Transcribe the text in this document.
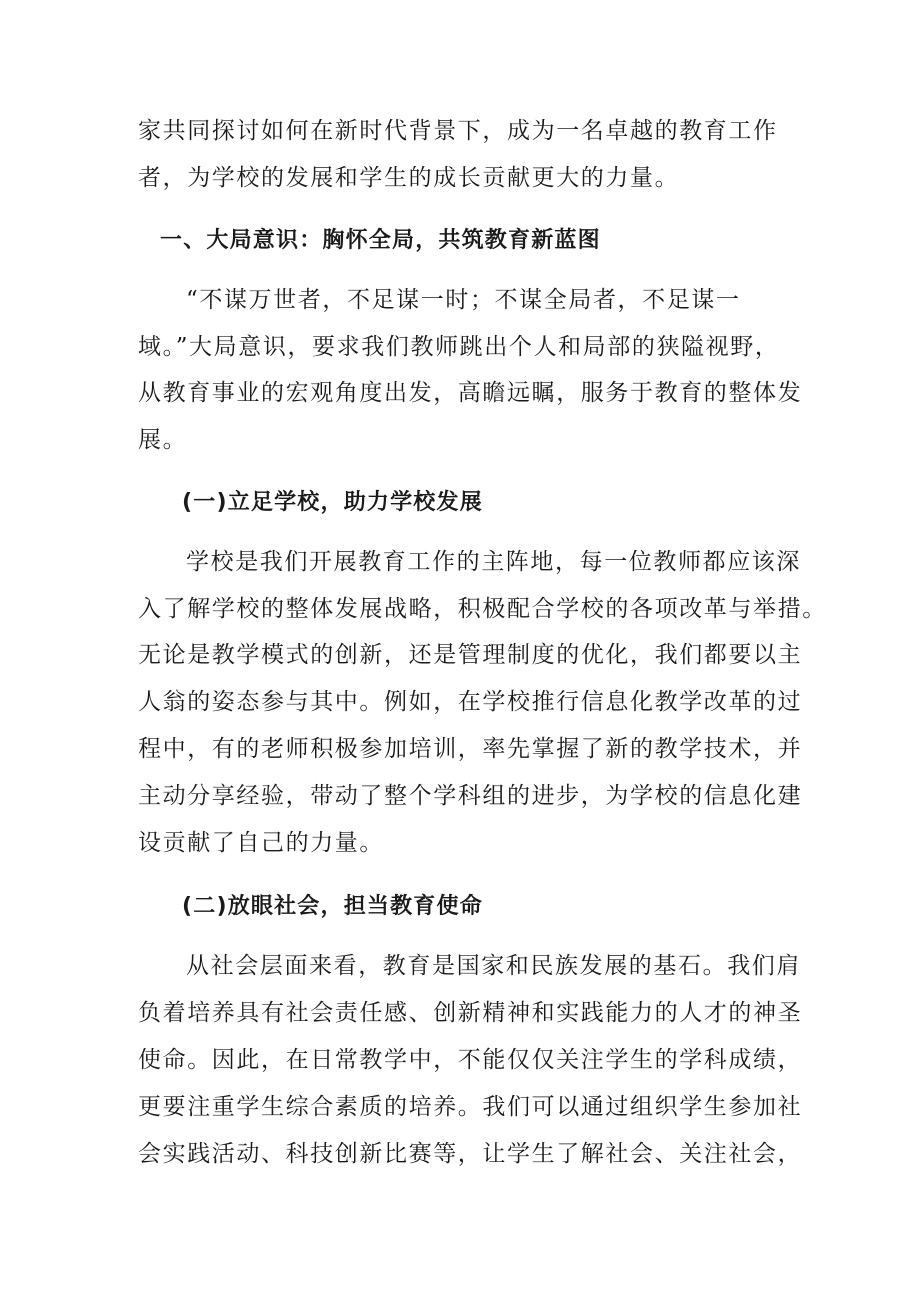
家共同探讨如何在新时代背景下，成为一名卓越的教育工作
者，为学校的发展和学生的成长贡献更大的力量。
一、大局意识：胸怀全局，共筑教育新蓝图
“不谋万世者，不足谋一时；不谋全局者，不足谋一
域。”大局意识，要求我们教师跳出个人和局部的狭隘视野，
从教育事业的宏观角度出发，高瞻远瞩，服务于教育的整体发
展。
(一)立足学校，助力学校发展
学校是我们开展教育工作的主阵地，每一位教师都应该深
入了解学校的整体发展战略，积极配合学校的各项改革与举措。
无论是教学模式的创新，还是管理制度的优化，我们都要以主
人翁的姿态参与其中。例如，在学校推行信息化教学改革的过
程中，有的老师积极参加培训，率先掌握了新的教学技术，并
主动分享经验，带动了整个学科组的进步，为学校的信息化建
设贡献了自己的力量。
(二)放眼社会，担当教育使命
从社会层面来看，教育是国家和民族发展的基石。我们肩
负着培养具有社会责任感、创新精神和实践能力的人才的神圣
使命。因此，在日常教学中，不能仅仅关注学生的学科成绩，
更要注重学生综合素质的培养。我们可以通过组织学生参加社
会实践活动、科技创新比赛等，让学生了解社会、关注社会，
